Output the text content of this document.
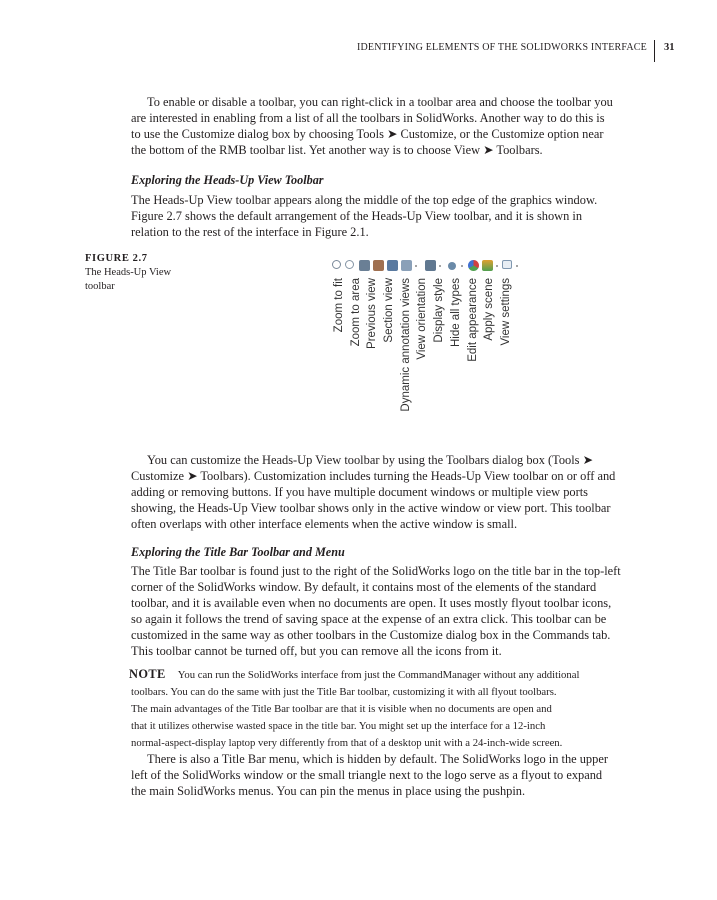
IDENTIFYING ELEMENTS OF THE SOLIDWORKS INTERFACE 31

To enable or disable a toolbar, you can right-click in a toolbar area and choose the toolbar you
are interested in enabling from a list of all the toolbars in SolidWorks. Another way to do this is
to use the Customize dialog box by choosing Tools ➤ Customize, or the Customize option near
the bottom of the RMB toolbar list. Yet another way is to choose View ➤ Toolbars.

Exploring the Heads-Up View Toolbar

The Heads-Up View toolbar appears along the middle of the top edge of the graphics window.
Figure 2.7 shows the default arrangement of the Heads-Up View toolbar, and it is shown in
relation to the rest of the interface in Figure 2.1.

FIGURE 2.7
The Heads-Up View toolbar	Zoom to fit Zoom to area Previous view Section view Dynamic annotation views View orientation Display style Hide all types Edit appearance Apply scene View settings

You can customize the Heads-Up View toolbar by using the Toolbars dialog box (Tools ➤
Customize ➤ Toolbars). Customization includes turning the Heads-Up View toolbar on or off and
adding or removing buttons. If you have multiple document windows or multiple view ports
showing, the Heads-Up View toolbar shows only in the active window or view port. This toolbar
often overlaps with other interface elements when the active window is small.

Exploring the Title Bar Toolbar and Menu

The Title Bar toolbar is found just to the right of the SolidWorks logo on the title bar in the top-left
corner of the SolidWorks window. By default, it contains most of the elements of the standard
toolbar, and it is available even when no documents are open. It uses mostly flyout toolbar icons,
so again it follows the trend of saving space at the expense of an extra click. This toolbar can be
customized in the same way as other toolbars in the Customize dialog box in the Commands tab.
This toolbar cannot be turned off, but you can remove all the icons from it.

NOTE You can run the SolidWorks interface from just the CommandManager without any additional
toolbars. You can do the same with just the Title Bar toolbar, customizing it with all flyout toolbars.
The main advantages of the Title Bar toolbar are that it is visible when no documents are open and
that it utilizes otherwise wasted space in the title bar. You might set up the interface for a 12-inch
normal-aspect-display laptop very differently from that of a desktop unit with a 24-inch-wide screen.

There is also a Title Bar menu, which is hidden by default. The SolidWorks logo in the upper
left of the SolidWorks window or the small triangle next to the logo serve as a flyout to expand
the main SolidWorks menus. You can pin the menus in place using the pushpin.
